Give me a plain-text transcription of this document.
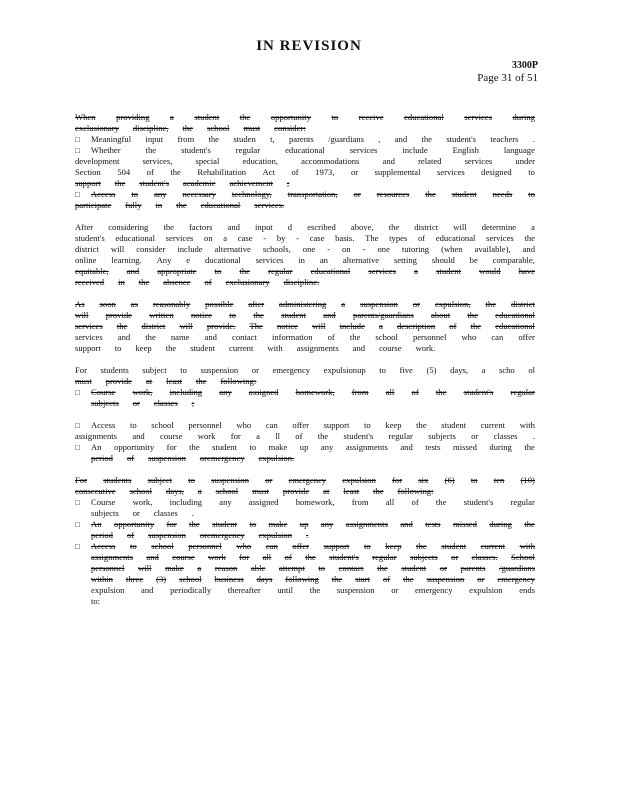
IN REVISION
3300P
Page 31 of 51
When providing a student the opportunity to receive educational services during
exclusionary discipline, the school must consider:
□	Meaningful input from the studen t, parents /guardians , and the student's teachers .
□	Whether	the	student's	regular	educational	services	include	English	language
development	services,	special	education,	accommodations	and	related	services	under
Section 504 of the Rehabilitation Act of 1973, or supplemental services designed to
support the student's academic achievement ;
□	Access to any necessary technology, transportation, or resources the student needs to
participate fully in the educational services.
After considering the factors and input d escribed above, the district will determine a
student's educational services on a case - by - case basis. The types of educational services the
district will consider include alternative schools, one - on - one tutoring (when available), and
online learning. Any e ducational services in an alternative setting should be comparable,
equitable, and appropriate to the regular educational services a student would have
received in the absence of exclusionary discipline.
As soon as reasonably possible after administering a suspension or expulsion, the district
will provide written notice to the student and parents/guardians about the educational
services the district will provide. The notice will include a description of the educational
services and the name and contact information of the school personnel who can offer
support to keep the student current with assignments and course work.
For students subject to suspension or emergency expulsionup to five (5) days, a scho ol
must provide at least the following:
□	Course work, including any assigned homework, from all of the student's regular
subjects or classes ;
□	Access to school personnel who can offer support to keep the student current with
assignments and course work for a ll of the student's regular subjects or classes .
□	An opportunity for the student to make up any assignments and tests missed during the
period of suspension oremergency expulsion.
For students subject to suspension or emergency expulsion for six (6) to ten (10)
consecutive school days, a school must provide at least the following:
□	Course work, including any assigned homework, from all of the student's regular
subjects or classes .
□	An opportunity for the student to make up any assignments and tests missed during the
period of suspension oremergency expulsion .
□	Access to school personnel who can offer support to keep the student current with
assignments and course work for all of the student's regular subjects or classes. School
personnel will make a reason able attempt to contact the student or parents /guardians
within three (3) school business days following the start of the suspension or emergency
expulsion and periodically thereafter until the suspension or emergency expulsion ends
to:
